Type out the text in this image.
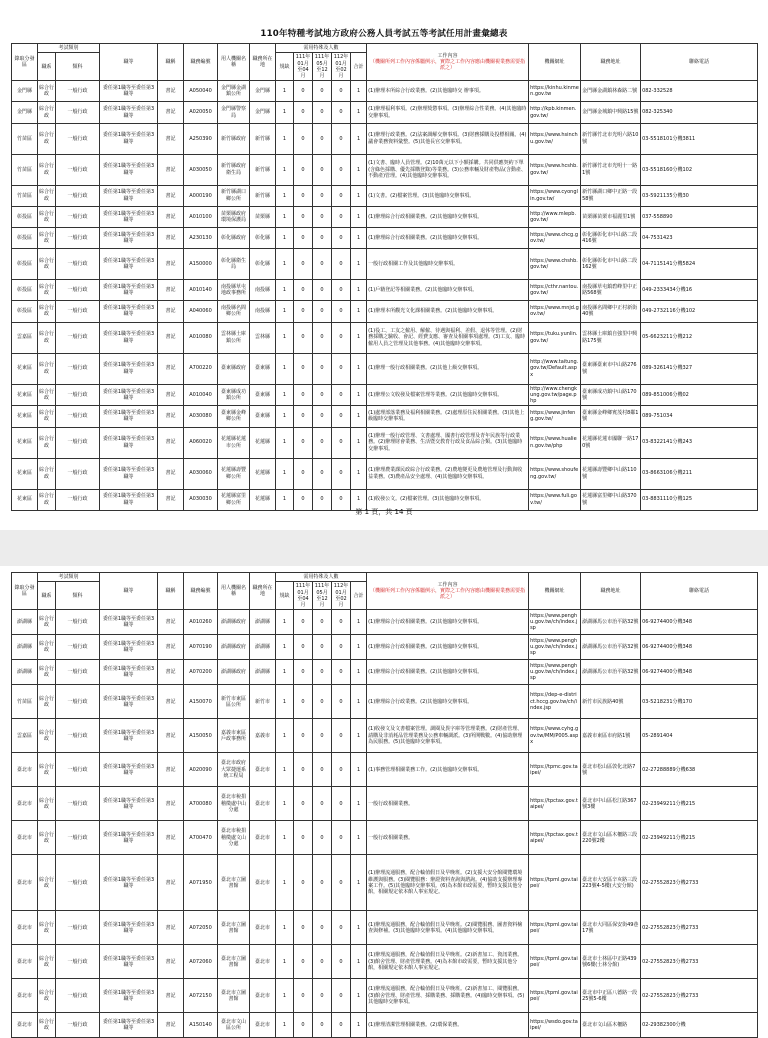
110年特種考試地方政府公務人員考試五等考試任用計畫彙總表
錄取分發區	考試類別		職等	職稱	職務編號	用人機關名稱	職務所在地	需用特殊及人數					工作內容
（機關所列工作內容係屬例示，實際之工作內容應由機關視業務需要指派之）	機關網址	職務地址	聯絡電話
	職系	類科						規缺	111年01月至04月	111年05月至12月	112年01月至02月	合計				

金門縣	綜合行政	一般行政	委任第1職等至委任第3職等	書記	A050040	金門縣金湖鎮公所	金門縣	1	0	0	0	1	(1)辦理本所綜合行政業務。(2)其他臨時交 辦事項。	https://kinhu.kinmen.gov.tw	金門縣金湖鎮林森路二號	082-332528
金門縣	綜合行政	一般行政	委任第1職等至委任第3職等	書記	A020050	金門縣警察局	金門縣	1	0	0	0	1	(1)辦理福利事項。(2)辦理獎懲事項。(3)辦理綜合性業務。(4)其他臨時交辦事項。	http://kpb.kinmen.gov.tw/	金門縣金城鎮中興路15號	082-325340
竹苗區	綜合行政	一般行政	委任第1職等至委任第3職等	書記	A250390	新竹縣政府	新竹縣	1	0	0	0	1	(1)辦理行政業務。(2)法案調解交辦事項。(3)財務採購及投標相關。(4)議會業務資料彙整。(5)其他長官交辦事項。	https://www.hsinchu.gov.tw/	新竹縣竹北市光明六路10號	03-5518101分機3811
竹苗區	綜合行政	一般行政	委任第1職等至委任第3職等	書記	A030050	新竹縣政府衛生局	新竹縣	1	0	0	0	1	(1)文書、臨時人員管理。(2)10萬元以下小額採購。共同供應契約下單(含綠色採購、優先採購登錄)等業務。(3)公務車輛及財產物品(含動產、不動產)管理。(4)其他臨時交辦事項。	https://www.hcshb.gov.tw/	新竹縣竹北市光明十一路1號	03-5518160分機102
竹苗區	綜合行政	一般行政	委任第1職等至委任第3職等	書記	A000190	新竹縣湖口鄉公所	新竹縣	1	0	0	0	1	(1)文書。(2)檔案管理。(3)其他臨時交辦事項。	https://www.cyonglin.gov.tw/	新竹縣湖口鄉中正路一段58號	03-5921135分機30
彰投區	綜合行政	一般行政	委任第1職等至委任第3職等	書記	A010100	苗栗縣政府環境保護局	苗栗縣	1	0	0	0	1	(1)辦理綜合行政相關業務。(2)其他臨時交辦事項。	http://www.mlepb.gov.tw/	苗栗縣苗栗市福麗里1號	037-558890
彰投區	綜合行政	一般行政	委任第1職等至委任第3職等	書記	A230130	彰化縣政府	彰化縣	1	0	0	0	1	(1)辦理綜合行政相關業務。(2)其他臨時交辦事項。	https://www.chcg.gov.tw/	彰化縣彰化市中山路二段416號	04-7531423
彰投區	綜合行政	一般行政	委任第1職等至委任第3職等	書記	A150000	彰化縣衛生局	彰化縣	1	0	0	0	1	一般行政相關工作及其他臨時交辦事項。	https://www.chshb.gov.tw/	彰化縣彰化市中山路二段162號	04-7115141分機5824
彰投區	綜合行政	一般行政	委任第1職等至委任第3職等	書記	A010140	南投縣草屯地政事務所	南投縣	1	0	0	0	1	(1)戶籍登記等相關業務。(2)其他臨時交辦事項。	https://cthr.nantou.gov.tw/	南投縣草屯鎮碧峰里中正路568號	049-2333434分機16
彰投區	綜合行政	一般行政	委任第1職等至委任第3職等	書記	A040060	南投縣名間鄉公所	南投縣	1	0	0	0	1	(1)辦理本所觀光文化課相關業務。(2)其他臨時交辦事項。	https://www.mnjd.gov.tw/	南投縣名間鄉中正村新街40號	049-2732116分機102
雲嘉區	綜合行政	一般行政	委任第1職等至委任第3職等	書記	A010080	雲林縣土庫鎮公所	雲林縣	1	0	0	0	1	(1)役工、工友之僱用、解僱、待遇與福利、差假、退休等管理。(2)財務採購之驗收、會記、經費支應、審查及相關事項處理。(3)工友、臨時僱用人員之管理及其他事務。(4)其他臨時交辦事項。	https://tuku.yunlin.gov.tw/	雲林縣土庫鎮自強里中興路175號	05-6623211分機212
花東區	綜合行政	一般行政	委任第1職等至委任第3職等	書記	A700220	臺東縣政府	臺東縣	1	0	0	0	1	(1)辦理一般行政相關業務。(2)其他上級交辦事項。	http://www.taitung.gov.tw/Default.aspx	臺東縣臺東市中山路276號	089-326141分機327
花東區	綜合行政	一般行政	委任第1職等至委任第3職等	書記	A010040	臺東縣成功鎮公所	臺東縣	1	0	0	0	1	(1)辦理公文收發及檔案管理等業務。(2)其他臨時交辦事項。	http://www.chengkung.gov.tw/page.php	臺東縣成功鎮中山路170號	089-851006分機02
花東區	綜合行政	一般行政	委任第1職等至委任第3職等	書記	A030080	臺東縣金峰鄉公所	臺東縣	1	0	0	0	1	(1)處理部落業務及福利相關業務。(2)處理原住民相關業務。(3)其他上級臨時交辦事項。	https://www.jinfeng.gov.tw/	臺東縣金峰鄉賓茂村8鄰1號	089-751034
花東區	綜合行政	一般行政	委任第1職等至委任第3職等	書記	A060020	花蓮縣花蓮市公所	花蓮縣	1	0	0	0	1	(1)辦理一般行政管理、文書處理、國書行政管理及青年民族等行政業務。(2)辦理財會業務、生活暨交教育行政及食品綜合類。(3)其他臨時交辦事項。	https://www.hualien.gov.tw/php	花蓮縣花蓮市國聯一路170號	03-8322141分機243
花東區	綜合行政	一般行政	委任第1職等至委任第3職等	書記	A030060	花蓮縣壽豐鄉公所	花蓮縣	1	0	0	0	1	(1)辦理農業課民政綜合行政業務。(2)農地變更及農地管理及行動與收益業務。(3)農產品安全處理、(4)其他臨時交辦事項。	https://www.shoufeng.gov.tw/	花蓮縣壽豐鄉中山路110號	03-8663106分機211
花東區	綜合行政	一般行政	委任第1職等至委任第3職等	書記	A030030	花蓮縣富里鄉公所	花蓮縣	1	0	0	0	1	(1)收發公文。(2)檔案管理。(3)其他臨時交辦事項。	https://www.fuli.gov.tw/	花蓮縣富里鄉中山路370號	03-8831110分機125
第 1 頁，共 14 頁
錄取分發區	考試類別		職等	職稱	職務編號	用人機關名稱	職務所在地	需用特殊及人數					工作內容
（機關所列工作內容係屬例示，實際之工作內容應由機關視業務需要指派之）	機關網址	職務地址	聯絡電話
	職系	類科						規缺	111年01月至04月	111年05月至12月	112年01月至02月	合計				

澎湖縣	綜合行政	一般行政	委任第1職等至委任第3職等	書記	A010260	澎湖縣政府	澎湖縣	1	0	0	0	1	(1)辦理綜合行政相關業務。(2)其他臨時交辦事項。	https://www.penghu.gov.tw/ch/index.jsp	澎湖縣馬公市治平路32號	06-9274400分機348
澎湖縣	綜合行政	一般行政	委任第1職等至委任第3職等	書記	A070190	澎湖縣政府	澎湖縣	1	0	0	0	1	(1)辦理綜合行政相關業務。(2)其他臨時交辦事項。	https://www.penghu.gov.tw/ch/index.jsp	澎湖縣馬公市治平路32號	06-9274400分機348
澎湖縣	綜合行政	一般行政	委任第1職等至委任第3職等	書記	A070200	澎湖縣政府	澎湖縣	1	0	0	0	1	(1)辦理綜合行政相關業務。(2)其他臨時交辦事項。	https://www.penghu.gov.tw/ch/index.jsp	澎湖縣馬公市治平路32號	06-9274400分機348
竹苗區	綜合行政	一般行政	委任第1職等至委任第3職等	書記	A150070	新竹市東區區公所	新竹市	1	0	0	0	1	(1)辦理綜合行政業務。(2)其他臨時交辦事項。	https://dep-e-district.hccg.gov.tw/ch/index.jsp	新竹市民族路40號	03-5218231分機170
雲嘉區	綜合行政	一般行政	委任第1職等至委任第3職等	書記	A150050	嘉義市東區戶政事務所	嘉義市	1	0	0	0	1	(1)收發文及文書檔案管理。調閱及異字庫等管理業務。(2)財產管理、請購及非消耗品管理業務及公務車輛調派。(3)所開戰數。(4)協助辦理為民服務。(5)其他臨時交辦事項。	https://www.cyhg.gov.tw/MM/P005.aspx	嘉義市東區市府路1號	05-2891404
臺北市	綜合行政	一般行政	委任第1職等至委任第3職等	書記	A020090	臺北市政府大眾捷運系統工程局	臺北市	1	0	0	0	1	(1)事務管理相關業務工作。(2)其他臨時交辦事項。	https://tpmc.gov.taipei/	臺北市松山區敦化北路7號	02-27288889分機638
臺北市	綜合行政	一般行政	委任第1職等至委任第3職等	書記	A700080	臺北市稅捐稽徵處中山分處	臺北市	1	0	0	0	1	一般行政相關業務。	https://tpctax.gov.taipei/	臺北市中山區松江路367號3樓	02-23949211分機215
臺北市	綜合行政	一般行政	委任第1職等至委任第3職等	書記	A700470	臺北市稅捐稽徵處文山分處	臺北市	1	0	0	0	1	一般行政相關業務。	https://tpctax.gov.taipei/	臺北市文山區木柵路三段220號2樓	02-23949211分機215
臺北市	綜合行政	一般行政	委任第1職等至委任第3職等	書記	A071950	臺北市立圖書館	臺北市	1	0	0	0	1	(1)辦理流通服務，配合輪值假日及早晚班。(2)支援大安分館閱覽環境維護與服務。(3)閱覽服務：辦證資料查詢與諮詢。(4)協助支援辦理專案工作。(5)其他臨時交辦事項。(6)為本館市政需要，暫時支援其他分館，相關規定依本館人事室規定。	https://tpml.gov.taipei/	臺北市大安區辛亥路三段223號4-5樓(大安分館)	02-27552823分機2733
臺北市	綜合行政	一般行政	委任第1職等至委任第3職等	書記	A072050	臺北市立圖書館	臺北市	1	0	0	0	1	(1)辦理流通服務，配合輪值假日及早晚班。(2)閱覽服務、圖書資料檢查與修補。(3)其他臨時交辦事項。(4)其他臨時交辦事項。	https://tpml.gov.taipei/	臺北市大同區保安街49巷17號	02-27552823分機2733
臺北市	綜合行政	一般行政	委任第1職等至委任第3職等	書記	A072060	臺北市立圖書館	臺北市	1	0	0	0	1	(1)辦理流通服務，配合輪值假日及早晚班。(2)新書加工、資訊業務。(3)館舍管理、財產管理業務。(4)為本館市政需要，暫時支援其他分館，相關規定依本館人事室規定。	https://tpml.gov.taipei/	臺北市士林區中正路439號6樓(士林分館)	02-27552823分機2733
臺北市	綜合行政	一般行政	委任第1職等至委任第3職等	書記	A072150	臺北市立圖書館	臺北市	1	0	0	0	1	(1)辦理流通服務，配合輪值假日及早晚班。(2)新書加工、閱覽服務。(3)館舍管理、財產管理、採購業務、採購業務。(4)臨時交辦事項。(5)其他臨時交辦事項。	https://tpml.gov.taipei/	臺北市中正區八德路一段25號5-6樓	02-27552823分機2733
臺北市	綜合行政	一般行政	委任第1職等至委任第3職等	書記	A150140	臺北市文山區公所	臺北市	1	0	0	0	1	(1)辦理清潔管理相關業務。(2)環保業務。	https://wsdo.gov.taipei/	臺北市文山區木柵路	02-29382300分機
